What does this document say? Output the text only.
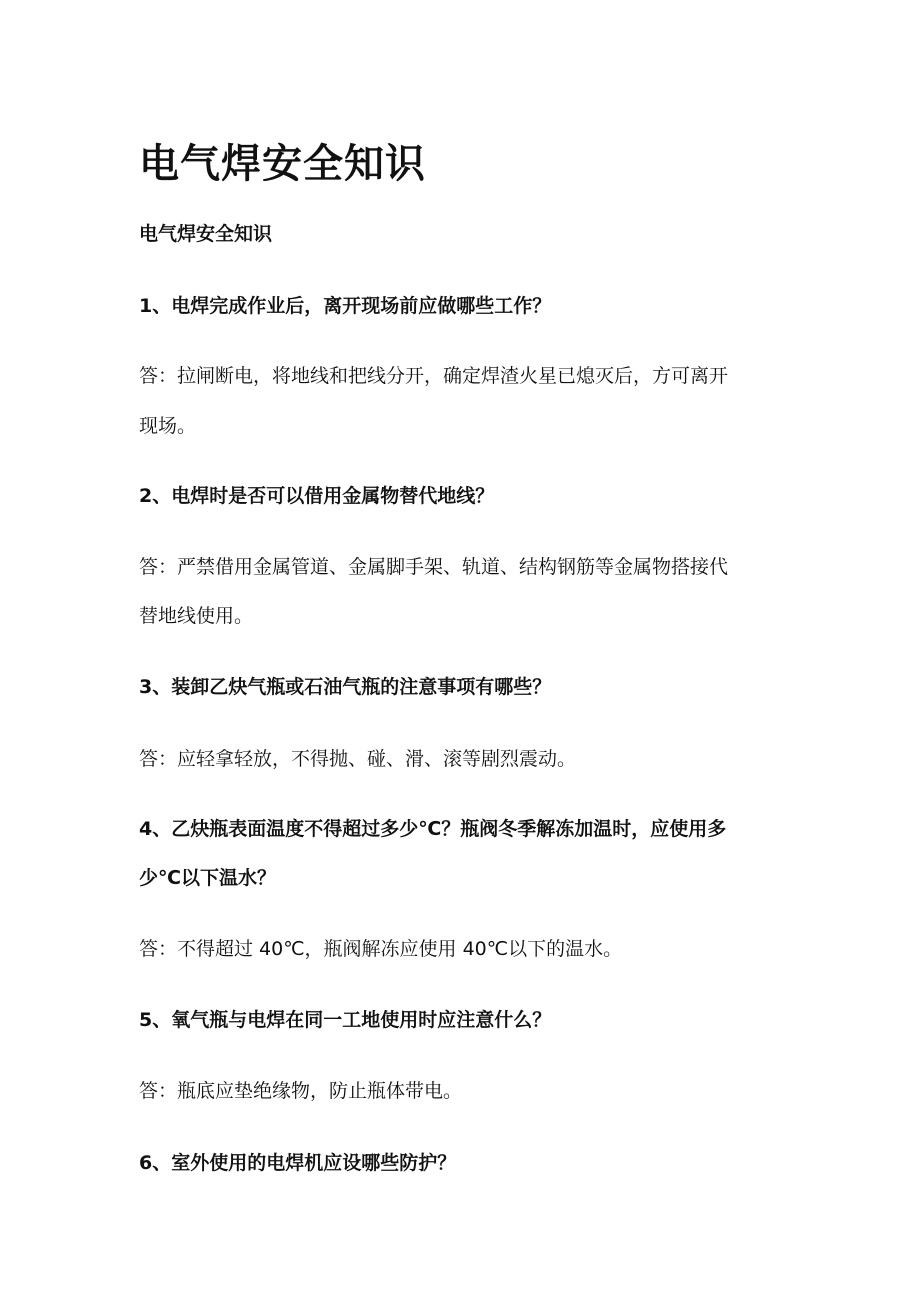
电气焊安全知识
电气焊安全知识
1、电焊完成作业后，离开现场前应做哪些工作？
答：拉闸断电，将地线和把线分开，确定焊渣火星已熄灭后，方可离开
现场。
2、电焊时是否可以借用金属物替代地线？
答：严禁借用金属管道、金属脚手架、轨道、结构钢筋等金属物搭接代
替地线使用。
3、装卸乙炔气瓶或石油气瓶的注意事项有哪些？
答：应轻拿轻放，不得抛、碰、滑、滚等剧烈震动。
4、乙炔瓶表面温度不得超过多少℃？瓶阀冬季解冻加温时，应使用多
少℃以下温水？
答：不得超过 40℃，瓶阀解冻应使用 40℃以下的温水。
5、氧气瓶与电焊在同一工地使用时应注意什么？
答：瓶底应垫绝缘物，防止瓶体带电。
6、室外使用的电焊机应设哪些防护？
